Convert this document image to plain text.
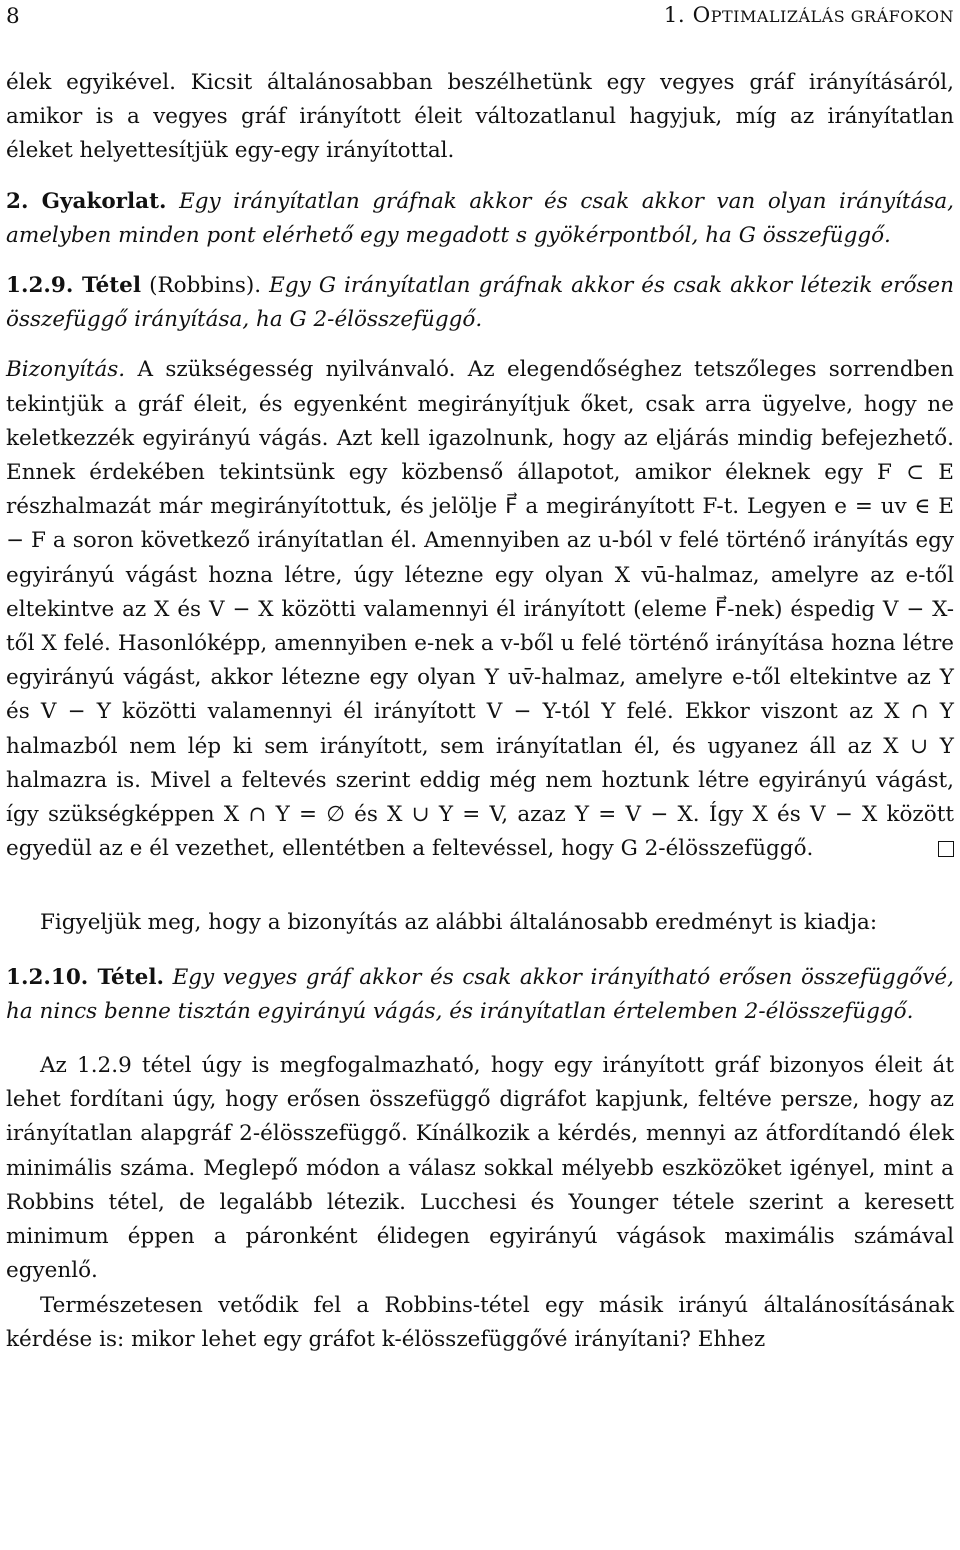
8	1. OPTIMALIZÁLÁS GRÁFOKON

élek egyikével. Kicsit általánosabban beszélhetünk egy vegyes gráf irányításáról, amikor is a vegyes gráf irányított éleit változatlanul hagyjuk, míg az irányítatlan éleket helyettesítjük egy-egy irányítottal.

2. Gyakorlat. Egy irányítatlan gráfnak akkor és csak akkor van olyan irányítása, amelyben minden pont elérhető egy megadott s gyökérpontból, ha G összefüggő.

1.2.9. Tétel (Robbins). Egy G irányítatlan gráfnak akkor és csak akkor létezik erősen összefüggő irányítása, ha G 2-élösszefüggő.

Bizonyítás. A szükségesség nyilvánvaló. Az elegendőséghez tetszőleges sorrendben tekintjük a gráf éleit, és egyenként megirányítjuk őket, csak arra ügyelve, hogy ne keletkezzék egyirányú vágás. Azt kell igazolnunk, hogy az eljárás mindig befejezhető. Ennek érdekében tekintsünk egy közbenső állapotot, amikor éleknek egy F ⊂ E részhalmazát már megirányítottuk, és jelölje F⃗ a megirányított F-t. Legyen e = uv ∈ E − F a soron következő irányítatlan él. Amennyiben az u-ból v felé történő irányítás egy egyirányú vágást hozna létre, úgy létezne egy olyan X vū-halmaz, amelyre az e-től eltekintve az X és V − X közötti valamennyi él irányított (eleme F⃗-nek) éspedig V − X-től X felé. Hasonlóképp, amennyiben e-nek a v-ből u felé történő irányítása hozna létre egyirányú vágást, akkor létezne egy olyan Y uv̄-halmaz, amelyre e-től eltekintve az Y és V − Y közötti valamennyi él irányított V − Y-tól Y felé. Ekkor viszont az X ∩ Y halmazból nem lép ki sem irányított, sem irányítatlan él, és ugyanez áll az X ∪ Y halmazra is. Mivel a feltevés szerint eddig még nem hoztunk létre egyirányú vágást, így szükségképpen X ∩ Y = ∅ és X ∪ Y = V, azaz Y = V − X. Így X és V − X között egyedül az e él vezethet, ellentétben a feltevéssel, hogy G 2-élösszefüggő.

Figyeljük meg, hogy a bizonyítás az alábbi általánosabb eredményt is kiadja:

1.2.10. Tétel. Egy vegyes gráf akkor és csak akkor irányítható erősen összefüggővé, ha nincs benne tisztán egyirányú vágás, és irányítatlan értelemben 2-élösszefüggő.

Az 1.2.9 tétel úgy is megfogalmazható, hogy egy irányított gráf bizonyos éleit át lehet fordítani úgy, hogy erősen összefüggő digráfot kapjunk, feltéve persze, hogy az irányítatlan alapgráf 2-élösszefüggő. Kínálkozik a kérdés, mennyi az átfordítandó élek minimális száma. Meglepő módon a válasz sokkal mélyebb eszközöket igényel, mint a Robbins tétel, de legalább létezik. Lucchesi és Younger tétele szerint a keresett minimum éppen a páronként élidegen egyirányú vágások maximális számával egyenlő.

Természetesen vetődik fel a Robbins-tétel egy másik irányú általánosításának kérdése is: mikor lehet egy gráfot k-élösszefüggővé irányítani? Ehhez
